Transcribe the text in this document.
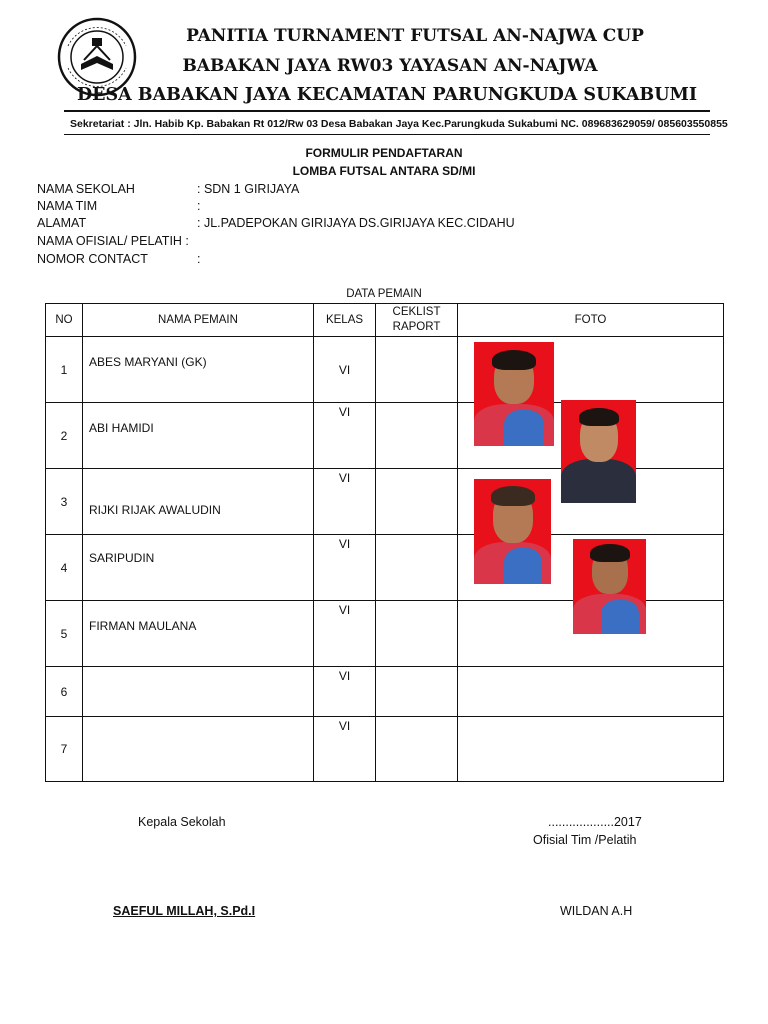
PANITIA TURNAMENT FUTSAL AN-NAJWA CUP
BABAKAN JAYA RW03 YAYASAN AN-NAJWA
DESA BABAKAN JAYA KECAMATAN PARUNGKUDA SUKABUMI
Sekretariat : Jln. Habib Kp. Babakan Rt 012/Rw 03 Desa Babakan Jaya Kec.Parungkuda Sukabumi NC. 089683629059/ 085603550855
FORMULIR PENDAFTARAN
LOMBA FUTSAL ANTARA SD/MI
NAMA SEKOLAH	: SDN 1 GIRIJAYA
NAMA TIM	:
ALAMAT	: JL.PADEPOKAN GIRIJAYA DS.GIRIJAYA KEC.CIDAHU
NAMA OFISIAL/ PELATIH :
NOMOR CONTACT	:
DATA PEMAIN
NO	NAMA PEMAIN	KELAS	CEKLIST RAPORT	FOTO
1	ABES MARYANI (GK)	VI		

2	ABI HAMIDI	VI		

3	RIJKI RIJAK AWALUDIN	VI		

4	SARIPUDIN	VI		

5	FIRMAN MAULANA	VI		

6		VI		

7		VI		

Kepala Sekolah	...................2017
Ofisial Tim /Pelatih
SAEFUL MILLAH, S.Pd.I	WILDAN A.H
